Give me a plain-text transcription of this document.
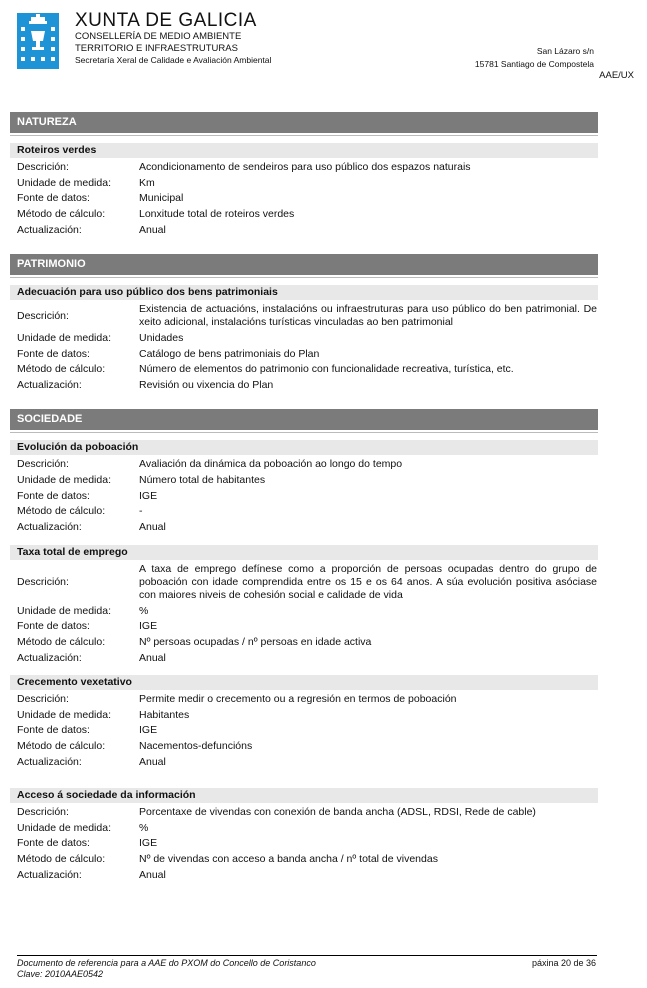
XUNTA DE GALICIA
CONSELLERÍA DE MEDIO AMBIENTE
TERRITORIO E INFRAESTRUTURAS
Secretaría Xeral de Calidade e Avaliación Ambiental
San Lázaro s/n
15781 Santiago de Compostela
AAE/UX
NATUREZA
Roteiros verdes
Descrición:	Acondicionamento de sendeiros para uso público dos espazos naturais
Unidade de medida:	Km
Fonte de datos:	Municipal
Método de cálculo:	Lonxitude total de roteiros verdes
Actualización:	Anual
PATRIMONIO
Adecuación para uso público dos bens patrimoniais
Descrición:
Existencia de actuacións, instalacións ou infraestruturas para uso público do ben patrimonial. De xeito adicional, instalacións turísticas vinculadas ao ben patrimonial
Unidade de medida:	Unidades
Fonte de datos:	Catálogo de bens patrimoniais do Plan
Método de cálculo:	Número de elementos do patrimonio con funcionalidade recreativa, turística, etc.
Actualización:	Revisión ou vixencia do Plan
SOCIEDADE
Evolución da poboación
Descrición:	Avaliación da dinámica da poboación ao longo do tempo
Unidade de medida:	Número total de habitantes
Fonte de datos:	IGE
Método de cálculo:	-
Actualización:	Anual
Taxa total de emprego
Descrición:
A taxa de emprego defínese como a proporción de persoas ocupadas dentro do grupo de poboación con idade comprendida entre os 15 e os 64 anos. A súa evolución positiva asóciase con maiores niveis de cohesión social e calidade de vida
Unidade de medida:	%
Fonte de datos:	IGE
Método de cálculo:	Nº persoas ocupadas / nº persoas en idade activa
Actualización:	Anual
Crecemento vexetativo
Descrición:	Permite medir o crecemento ou a regresión en termos de poboación
Unidade de medida:	Habitantes
Fonte de datos:	IGE
Método de cálculo:	Nacementos-defuncións
Actualización:	Anual
Acceso á sociedade da información
Descrición:	Porcentaxe de vivendas con conexión de banda ancha (ADSL, RDSI, Rede de cable)
Unidade de medida:	%
Fonte de datos:	IGE
Método de cálculo:	Nº de vivendas con acceso a banda ancha / nº total de vivendas
Actualización:	Anual
Documento de referencia para a AAE do PXOM do Concello de Coristanco
Clave: 2010AAE0542
páxina 20 de 36
